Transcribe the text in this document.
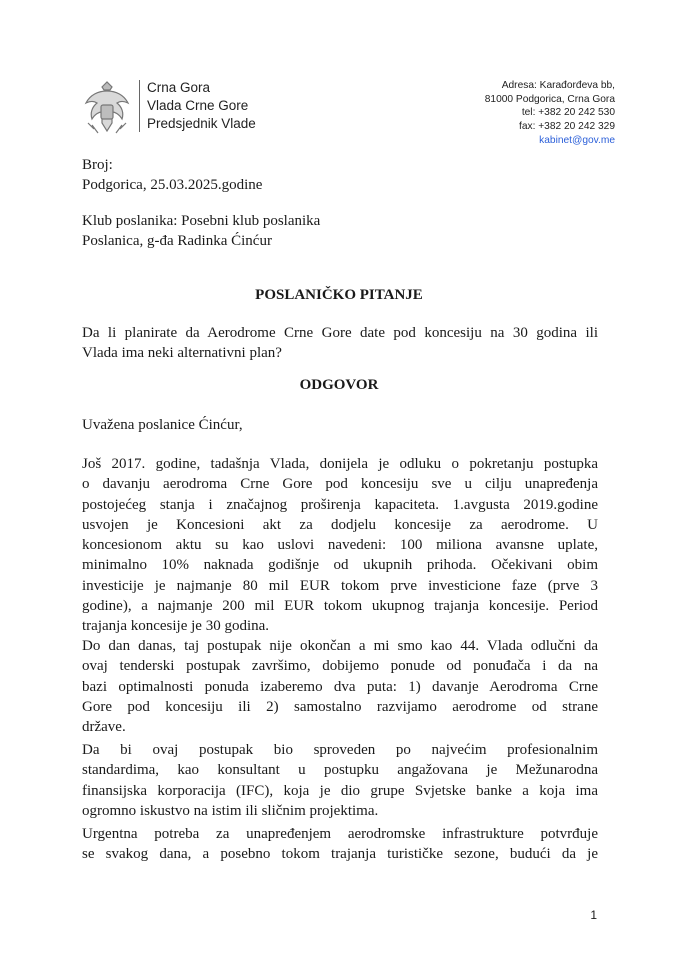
Crna Gora
Vlada Crne Gore
Predsjednik Vlade
Adresa: Karađorđeva bb,
81000 Podgorica, Crna Gora
tel: +382 20 242 530
fax: +382 20 242 329
kabinet@gov.me
Broj:
Podgorica, 25.03.2025.godine
Klub poslanika: Posebni klub poslanika
Poslanica, g-đa Radinka Ćinćur
POSLANIČKO PITANJE
Da li planirate da Aerodrome Crne Gore date pod koncesiju na 30 godina ili
Vlada ima neki alternativni plan?
ODGOVOR
Uvažena poslanice Ćinćur,
Još 2017. godine, tadašnja Vlada, donijela je odluku o pokretanju postupka
o davanju aerodroma Crne Gore pod koncesiju sve u cilju unapređenja
postojećeg stanja i značajnog proširenja kapaciteta. 1.avgusta 2019.godine
usvojen je Koncesioni akt za dodjelu koncesije za aerodrome. U
koncesionom aktu su kao uslovi navedeni: 100 miliona avansne uplate,
minimalno 10% naknada godišnje od ukupnih prihoda. Očekivani obim
investicije je najmanje 80 mil EUR tokom prve investicione faze (prve 3
godine), a najmanje 200 mil EUR tokom ukupnog trajanja koncesije. Period
trajanja koncesije je 30 godina.
Do dan danas, taj postupak nije okončan a mi smo kao 44. Vlada odlučni da
ovaj tenderski postupak završimo, dobijemo ponude od ponuđača i da na
bazi optimalnosti ponuda izaberemo dva puta: 1) davanje Aerodroma Crne
Gore pod koncesiju ili 2) samostalno razvijamo aerodrome od strane
države.
Da bi ovaj postupak bio sproveden po najvećim profesionalnim
standardima, kao konsultant u postupku angažovana je Mežunarodna
finansijska korporacija (IFC), koja je dio grupe Svjetske banke a koja ima
ogromno iskustvo na istim ili sličnim projektima.
Urgentna potreba za unapređenjem aerodromske infrastrukture potvrđuje
se svakog dana, a posebno tokom trajanja turističke sezone, budući da je
1
